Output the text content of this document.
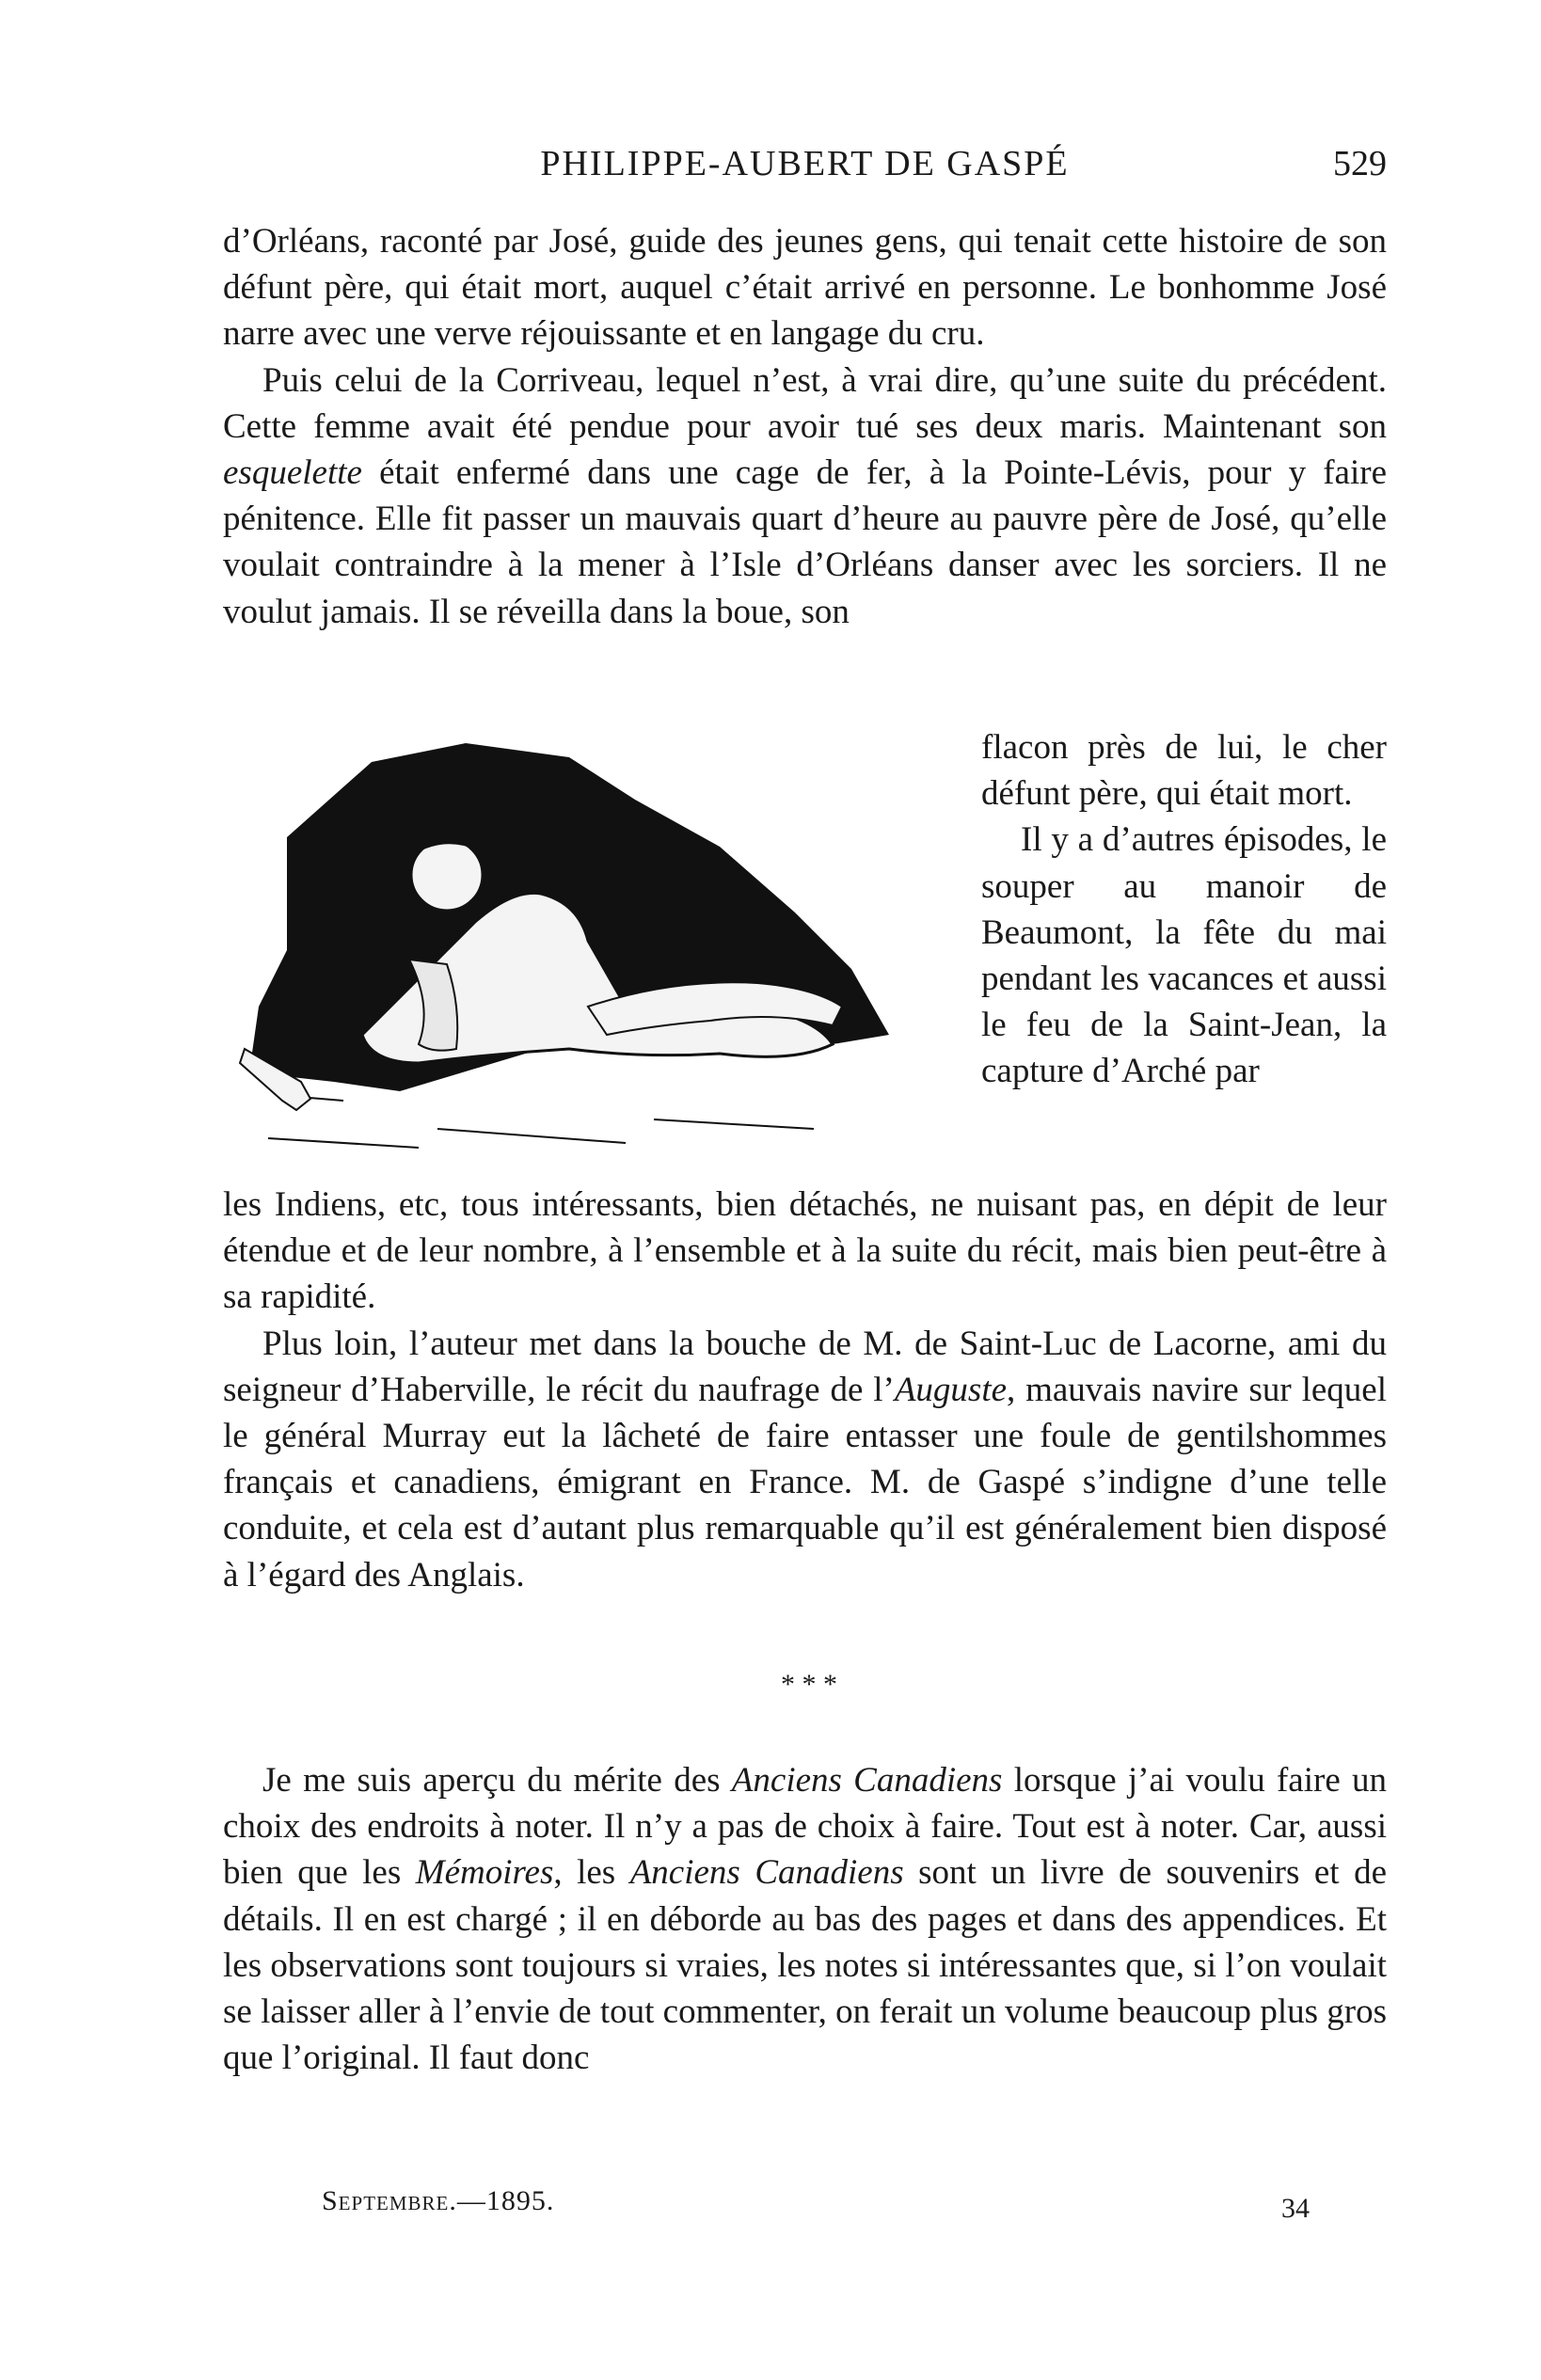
PHILIPPE-AUBERT DE GASPÉ	529

d’Orléans, raconté par José, guide des jeunes gens, qui tenait cette histoire de son défunt père, qui était mort, auquel c’était arrivé en personne. Le bonhomme José narre avec une verve réjouissante et en langage du cru.

Puis celui de la Corriveau, lequel n’est, à vrai dire, qu’une suite du précédent. Cette femme avait été pendue pour avoir tué ses deux maris. Maintenant son esquelette était enfermé dans une cage de fer, à la Pointe-Lévis, pour y faire pénitence. Elle fit passer un mauvais quart d’heure au pauvre père de José, qu’elle voulait contraindre à la mener à l’Isle d’Orléans danser avec les sorciers. Il ne voulut jamais. Il se réveilla dans la boue, son

flacon près de lui, le cher défunt père, qui était mort.

Il y a d’autres épisodes, le souper au manoir de Beaumont, la fête du mai pendant les vacances et aussi le feu de la Saint-Jean, la capture d’Arché par

les Indiens, etc, tous intéressants, bien détachés, ne nuisant pas, en dépit de leur étendue et de leur nombre, à l’ensemble et à la suite du récit, mais bien peut-être à sa rapidité.

Plus loin, l’auteur met dans la bouche de M. de Saint-Luc de Lacorne, ami du seigneur d’Haberville, le récit du naufrage de l’Auguste, mauvais navire sur lequel le général Murray eut la lâcheté de faire entasser une foule de gentilshommes français et canadiens, émigrant en France. M. de Gaspé s’indigne d’une telle conduite, et cela est d’autant plus remarquable qu’il est généralement bien disposé à l’égard des Anglais.

* * *

Je me suis aperçu du mérite des Anciens Canadiens lorsque j’ai voulu faire un choix des endroits à noter. Il n’y a pas de choix à faire. Tout est à noter. Car, aussi bien que les Mémoires, les Anciens Canadiens sont un livre de souvenirs et de détails. Il en est chargé ; il en déborde au bas des pages et dans des appendices. Et les observations sont toujours si vraies, les notes si intéressantes que, si l’on voulait se laisser aller à l’envie de tout commenter, on ferait un volume beaucoup plus gros que l’original. Il faut donc

Septembre.—1895.	34
